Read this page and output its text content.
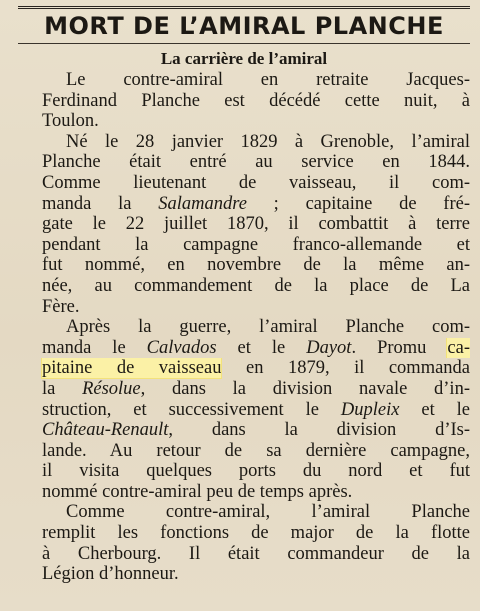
MORT DE L’AMIRAL PLANCHE
La carrière de l’amiral
Le contre-amiral en retraite Jacques-
Ferdinand Planche est décédé cette nuit, à
Toulon.
Né le 28 janvier 1829 à Grenoble, l’amiral
Planche était entré au service en 1844.
Comme lieutenant de vaisseau, il com-
manda la Salamandre ; capitaine de fré-
gate le 22 juillet 1870, il combattit à terre
pendant la campagne franco-allemande et
fut nommé, en novembre de la même an-
née, au commandement de la place de La
Fère.
Après la guerre, l’amiral Planche com-
manda le Calvados et le Dayot. Promu ca-
pitaine de vaisseau en 1879, il commanda
la Résolue, dans la division navale d’in-
struction, et successivement le Dupleix et le
Château-Renault, dans la division d’Is-
lande. Au retour de sa dernière campagne,
il visita quelques ports du nord et fut
nommé contre-amiral peu de temps après.
Comme contre-amiral, l’amiral Planche
remplit les fonctions de major de la flotte
à Cherbourg. Il était commandeur de la
Légion d’honneur.
